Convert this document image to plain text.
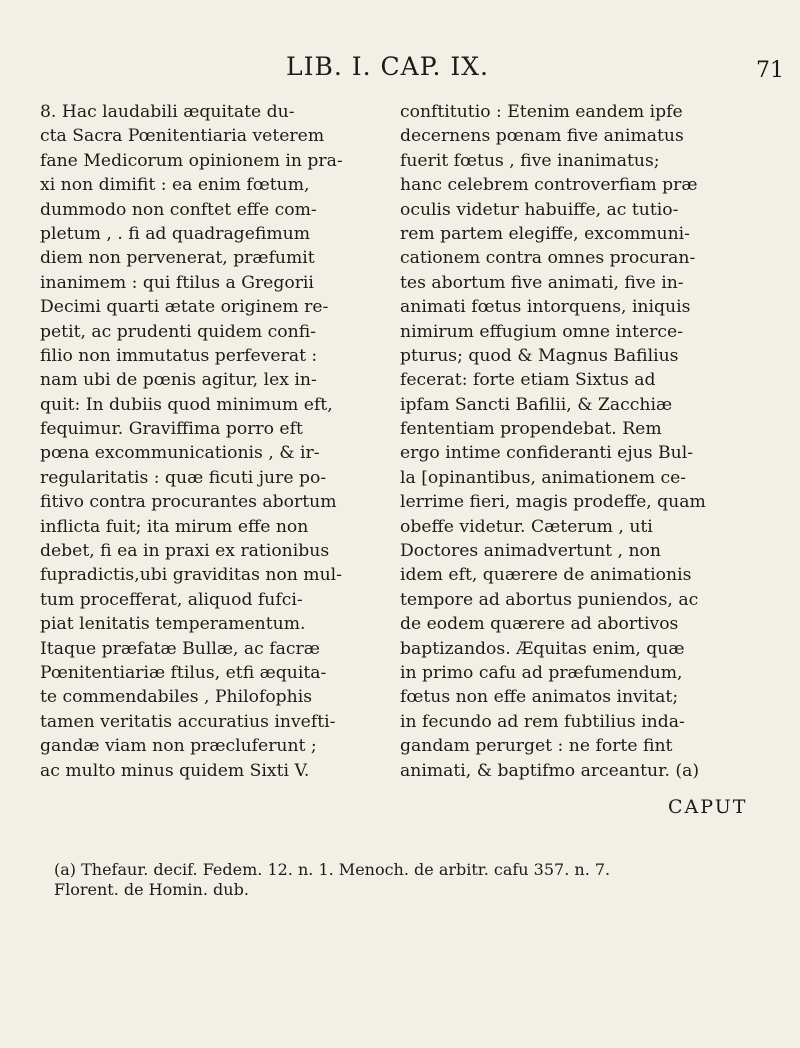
LIB. I. CAP. IX.	71
8. Hac laudabili æquitate du-
cta Sacra Pœnitentiaria veterem
fane Medicorum opinionem in pra-
xi non dimifit : ea enim fœtum,
dummodo non conftet effe com-
pletum , . fi ad quadragefimum
diem non pervenerat, præfumit
inanimem : qui ftilus a Gregorii
Decimi quarti ætate originem re-
petit, ac prudenti quidem confi-
filio non immutatus perfeverat :
nam ubi de pœnis agitur, lex in-
quit: In dubiis quod minimum eft,
fequimur. Graviffima porro eft
pœna excommunicationis , & ir-
regularitatis : quæ ficuti jure po-
fitivo contra procurantes abortum
inflicta fuit; ita mirum effe non
debet, fi ea in praxi ex rationibus
fupradictis,ubi graviditas non mul-
tum procefferat, aliquod fufci-
piat lenitatis temperamentum.
Itaque præfatæ Bullæ, ac facræ
Pœnitentiariæ ftilus, etfi æquita-
te commendabiles , Philofophis
tamen veritatis accuratius invefti-
gandæ viam non præcluferunt ;
ac multo minus quidem Sixti V.
conftitutio : Etenim eandem ipfe
decernens pœnam five animatus
fuerit fœtus , five inanimatus;
hanc celebrem controverfiam præ
oculis videtur habuiffe, ac tutio-
rem partem elegiffe, excommuni-
cationem contra omnes procuran-
tes abortum five animati, five in-
animati fœtus intorquens, iniquis
nimirum effugium omne interce-
pturus; quod & Magnus Bafilius
fecerat: forte etiam Sixtus ad
ipfam Sancti Bafilii, & Zacchiæ
fententiam propendebat. Rem
ergo intime confideranti ejus Bul-
la [opinantibus, animationem ce-
lerrime fieri, magis prodeffe, quam
obeffe videtur. Cæterum , uti
Doctores animadvertunt , non
idem eft, quærere de animationis
tempore ad abortus puniendos, ac
de eodem quærere ad abortivos
baptizandos. Æquitas enim, quæ
in primo cafu ad præfumendum,
fœtus non effe animatos invitat;
in fecundo ad rem fubtilius inda-
gandam perurget : ne forte fint
animati, & baptifmo arceantur. (a)
CAPUT
(a) Thefaur. decif. Fedem. 12. n. 1. Menoch. de arbitr. cafu 357. n. 7.
Florent. de Homin. dub.
